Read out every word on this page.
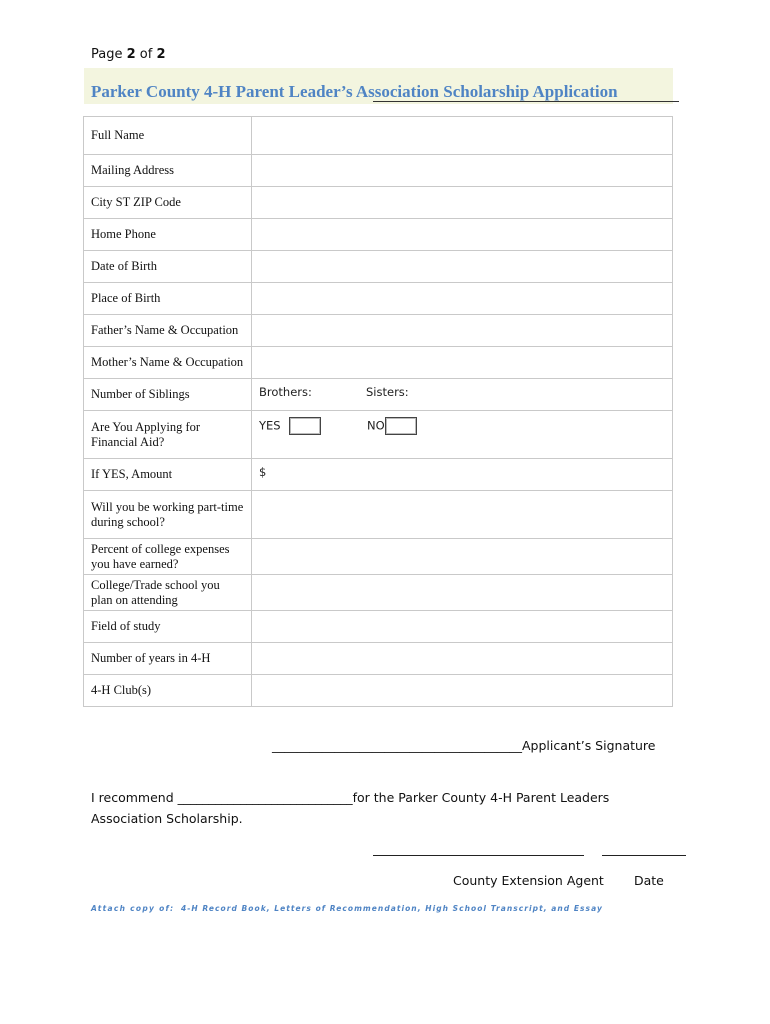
Page 2 of 2
Parker County 4-H Parent Leader’s Association Scholarship Application
Full Name	
Mailing Address	
City ST ZIP Code	
Home Phone	
Date of Birth	
Place of Birth	
Father’s Name & Occupation	
Mother’s Name & Occupation	
Number of Siblings	Brothers: Sisters:
Are You Applying for Financial Aid?	YES NO
If YES, Amount	$
Will you be working part-time during school?	
Percent of college expenses you have earned?	
College/Trade school you plan on attending	
Field of study	
Number of years in 4-H	
4-H Club(s)	
________________________________________Applicant’s Signature
I recommend ____________________________for the Parker County 4-H Parent Leaders Association Scholarship.
County Extension Agent Date
Attach copy of: 4-H Record Book, Letters of Recommendation, High School Transcript, and Essay
